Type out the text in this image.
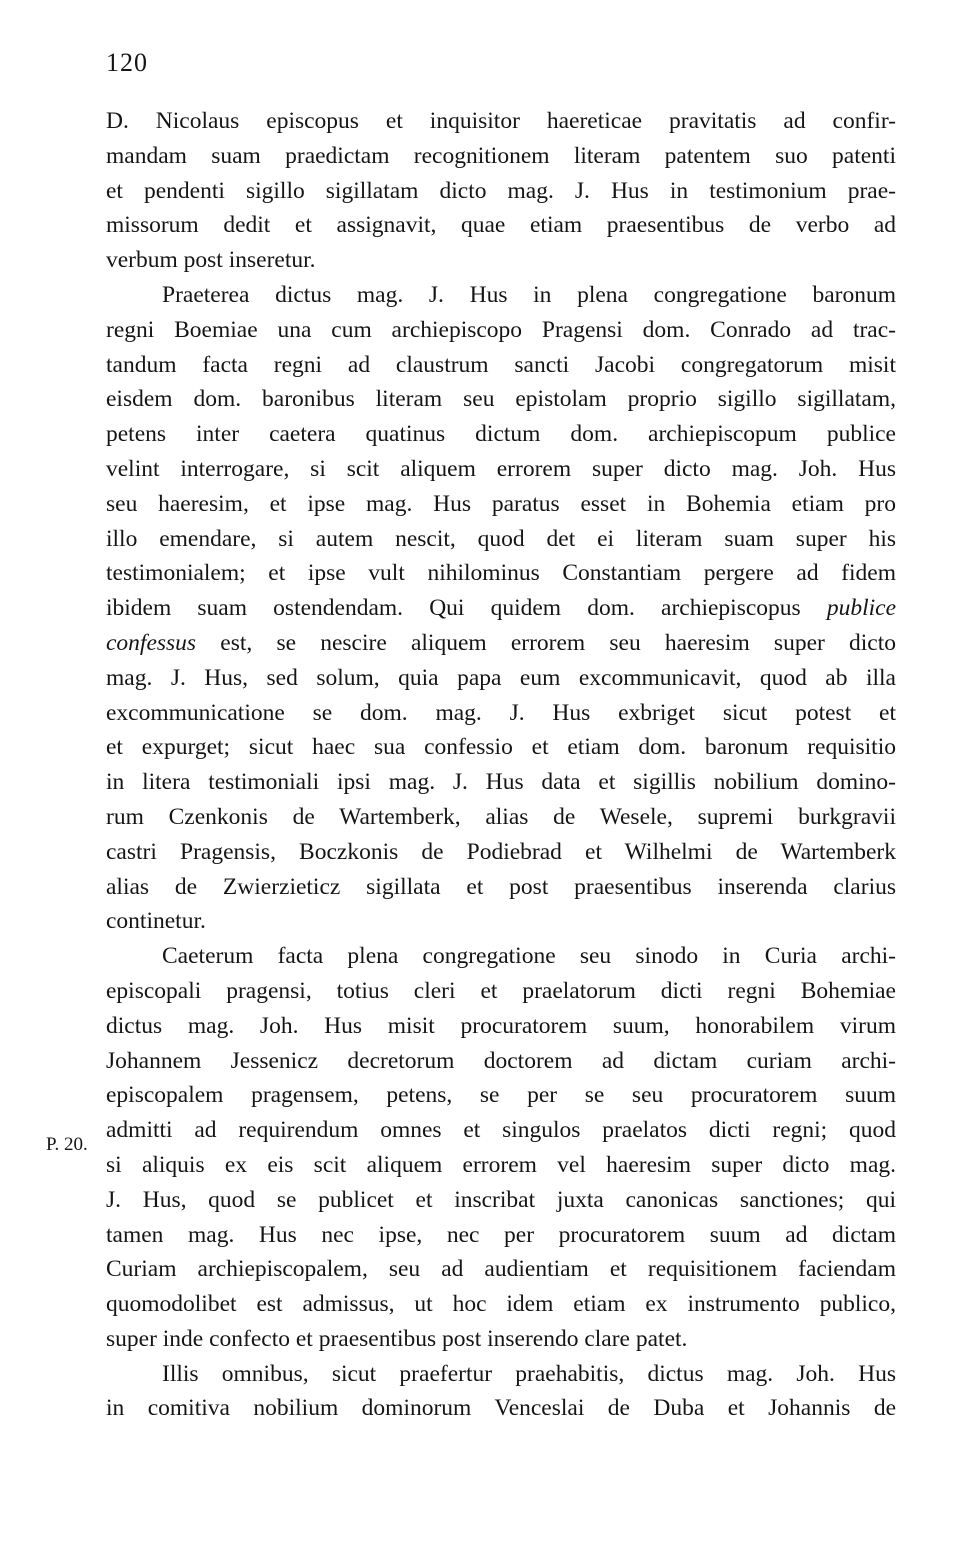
120
P. 20.

D. Nicolaus episcopus et inquisitor haereticae pravitatis ad confir-
mandam suam praedictam recognitionem literam patentem suo patenti
et pendenti sigillo sigillatam dicto mag. J. Hus in testimonium prae-
missorum dedit et assignavit, quae etiam praesentibus de verbo ad
verbum post inseretur.

Praeterea dictus mag. J. Hus in plena congregatione baronum
regni Boemiae una cum archiepiscopo Pragensi dom. Conrado ad trac-
tandum facta regni ad claustrum sancti Jacobi congregatorum misit
eisdem dom. baronibus literam seu epistolam proprio sigillo sigillatam,
petens inter caetera quatinus dictum dom. archiepiscopum publice
velint interrogare, si scit aliquem errorem super dicto mag. Joh. Hus
seu haeresim, et ipse mag. Hus paratus esset in Bohemia etiam pro
illo emendare, si autem nescit, quod det ei literam suam super his
testimonialem; et ipse vult nihilominus Constantiam pergere ad fidem
ibidem suam ostendendam. Qui quidem dom. archiepiscopus publice
confessus est, se nescire aliquem errorem seu haeresim super dicto
mag. J. Hus, sed solum, quia papa eum excommunicavit, quod ab illa
excommunicatione se dom. mag. J. Hus exbriget sicut potest et
et expurget; sicut haec sua confessio et etiam dom. baronum requisitio
in litera testimoniali ipsi mag. J. Hus data et sigillis nobilium domino-
rum Czenkonis de Wartemberk, alias de Wesele, supremi burkgravii
castri Pragensis, Boczkonis de Podiebrad et Wilhelmi de Wartemberk
alias de Zwierzieticz sigillata et post praesentibus inserenda clarius
continetur.

Caeterum facta plena congregatione seu sinodo in Curia archi-
episcopali pragensi, totius cleri et praelatorum dicti regni Bohemiae
dictus mag. Joh. Hus misit procuratorem suum, honorabilem virum
Johannem Jessenicz decretorum doctorem ad dictam curiam archi-
episcopalem pragensem, petens, se per se seu procuratorem suum
admitti ad requirendum omnes et singulos praelatos dicti regni; quod
si aliquis ex eis scit aliquem errorem vel haeresim super dicto mag.
J. Hus, quod se publicet et inscribat juxta canonicas sanctiones; qui
tamen mag. Hus nec ipse, nec per procuratorem suum ad dictam
Curiam archiepiscopalem, seu ad audientiam et requisitionem faciendam
quomodolibet est admissus, ut hoc idem etiam ex instrumento publico,
super inde confecto et praesentibus post inserendo clare patet.

Illis omnibus, sicut praefertur praehabitis, dictus mag. Joh. Hus
in comitiva nobilium dominorum Venceslai de Duba et Johannis de
